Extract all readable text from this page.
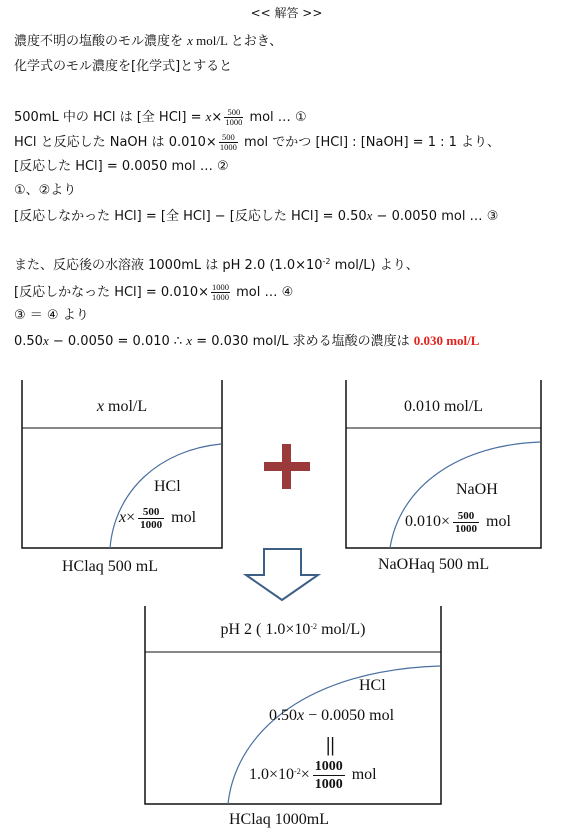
<< 解答 >>
濃度不明の塩酸のモル濃度を x mol/L とおき、
化学式のモル濃度を[化学式]とすると
500mL 中の HCl は [全 $HCl] = x\times \frac{500}{1000}$ mol … ①
HCl と反応した NaOH は $0.010\times \frac{500}{1000}$ mol でかつ [HCl] : [NaOH] = 1 : 1 より、
[反応した HCl] = 0.0050 mol … ②
①、②より
[反応しなかった HCl] = [全 HCl] − [反応した HCl] = 0.50x − 0.0050 mol … ③
また、反応後の水溶液 1000mL は pH 2.0 ($1.0\times 10^{-2}$ mol/L) より、
[反応しかなった $HCl] = 0.010\times \frac{1000}{1000}$ mol … ④
③ ＝ ④ より
0.50x − 0.0050 = 0.010 ∴ x = 0.030 mol/L 求める塩酸の濃度は 0.030 mol/L
x mol/L
HCl
$x\times \frac{500}{1000}$ mol
HClaq 500 mL
0.010 mol/L
NaOH
$0.010\times \frac{500}{1000}$ mol
NaOHaq 500 mL
pH 2 ( $1.0\times 10^{-2}$ mol/L)
HCl
0.50x − 0.0050 mol
||
$1.0\times 10^{-2}\times \frac{1000}{1000}$ mol
HClaq 1000mL
